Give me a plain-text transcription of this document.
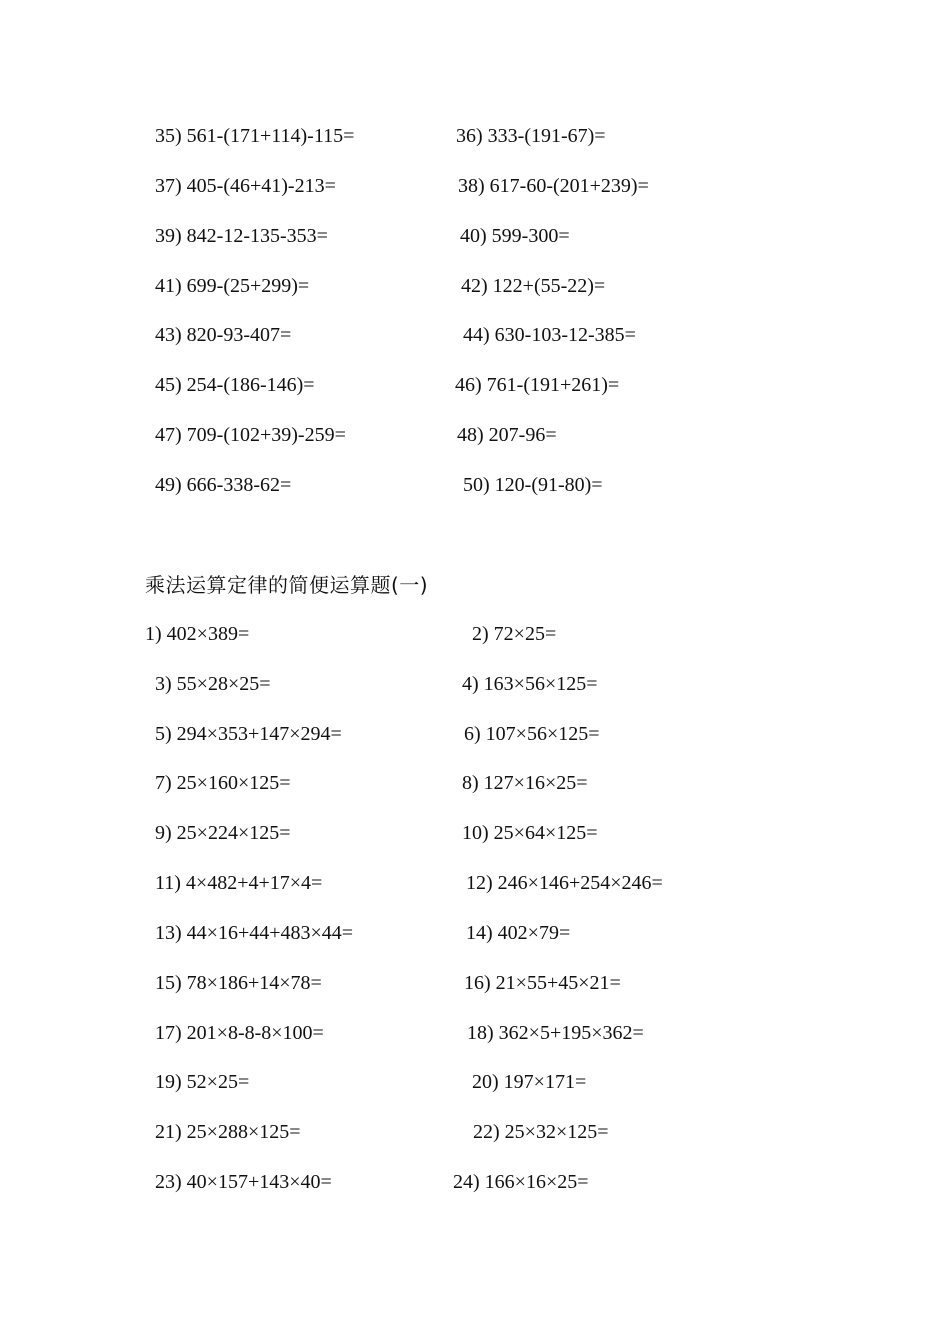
35) 561-(171+114)-115=	36) 333-(191-67)=
37) 405-(46+41)-213=	38) 617-60-(201+239)=
39) 842-12-135-353=	40) 599-300=
41) 699-(25+299)=	42) 122+(55-22)=
43) 820-93-407=	44) 630-103-12-385=
45) 254-(186-146)=	46) 761-(191+261)=
47) 709-(102+39)-259=	48) 207-96=
49) 666-338-62=	50) 120-(91-80)=
乘法运算定律的简便运算题(一)
1) 402×389=	2) 72×25=
3) 55×28×25=	4) 163×56×125=
5) 294×353+147×294=	6) 107×56×125=
7) 25×160×125=	8) 127×16×25=
9) 25×224×125=	10) 25×64×125=
11) 4×482+4+17×4=	12) 246×146+254×246=
13) 44×16+44+483×44=	14) 402×79=
15) 78×186+14×78=	16) 21×55+45×21=
17) 201×8-8-8×100=	18) 362×5+195×362=
19) 52×25=	20) 197×171=
21) 25×288×125=	22) 25×32×125=
23) 40×157+143×40=	24) 166×16×25=
